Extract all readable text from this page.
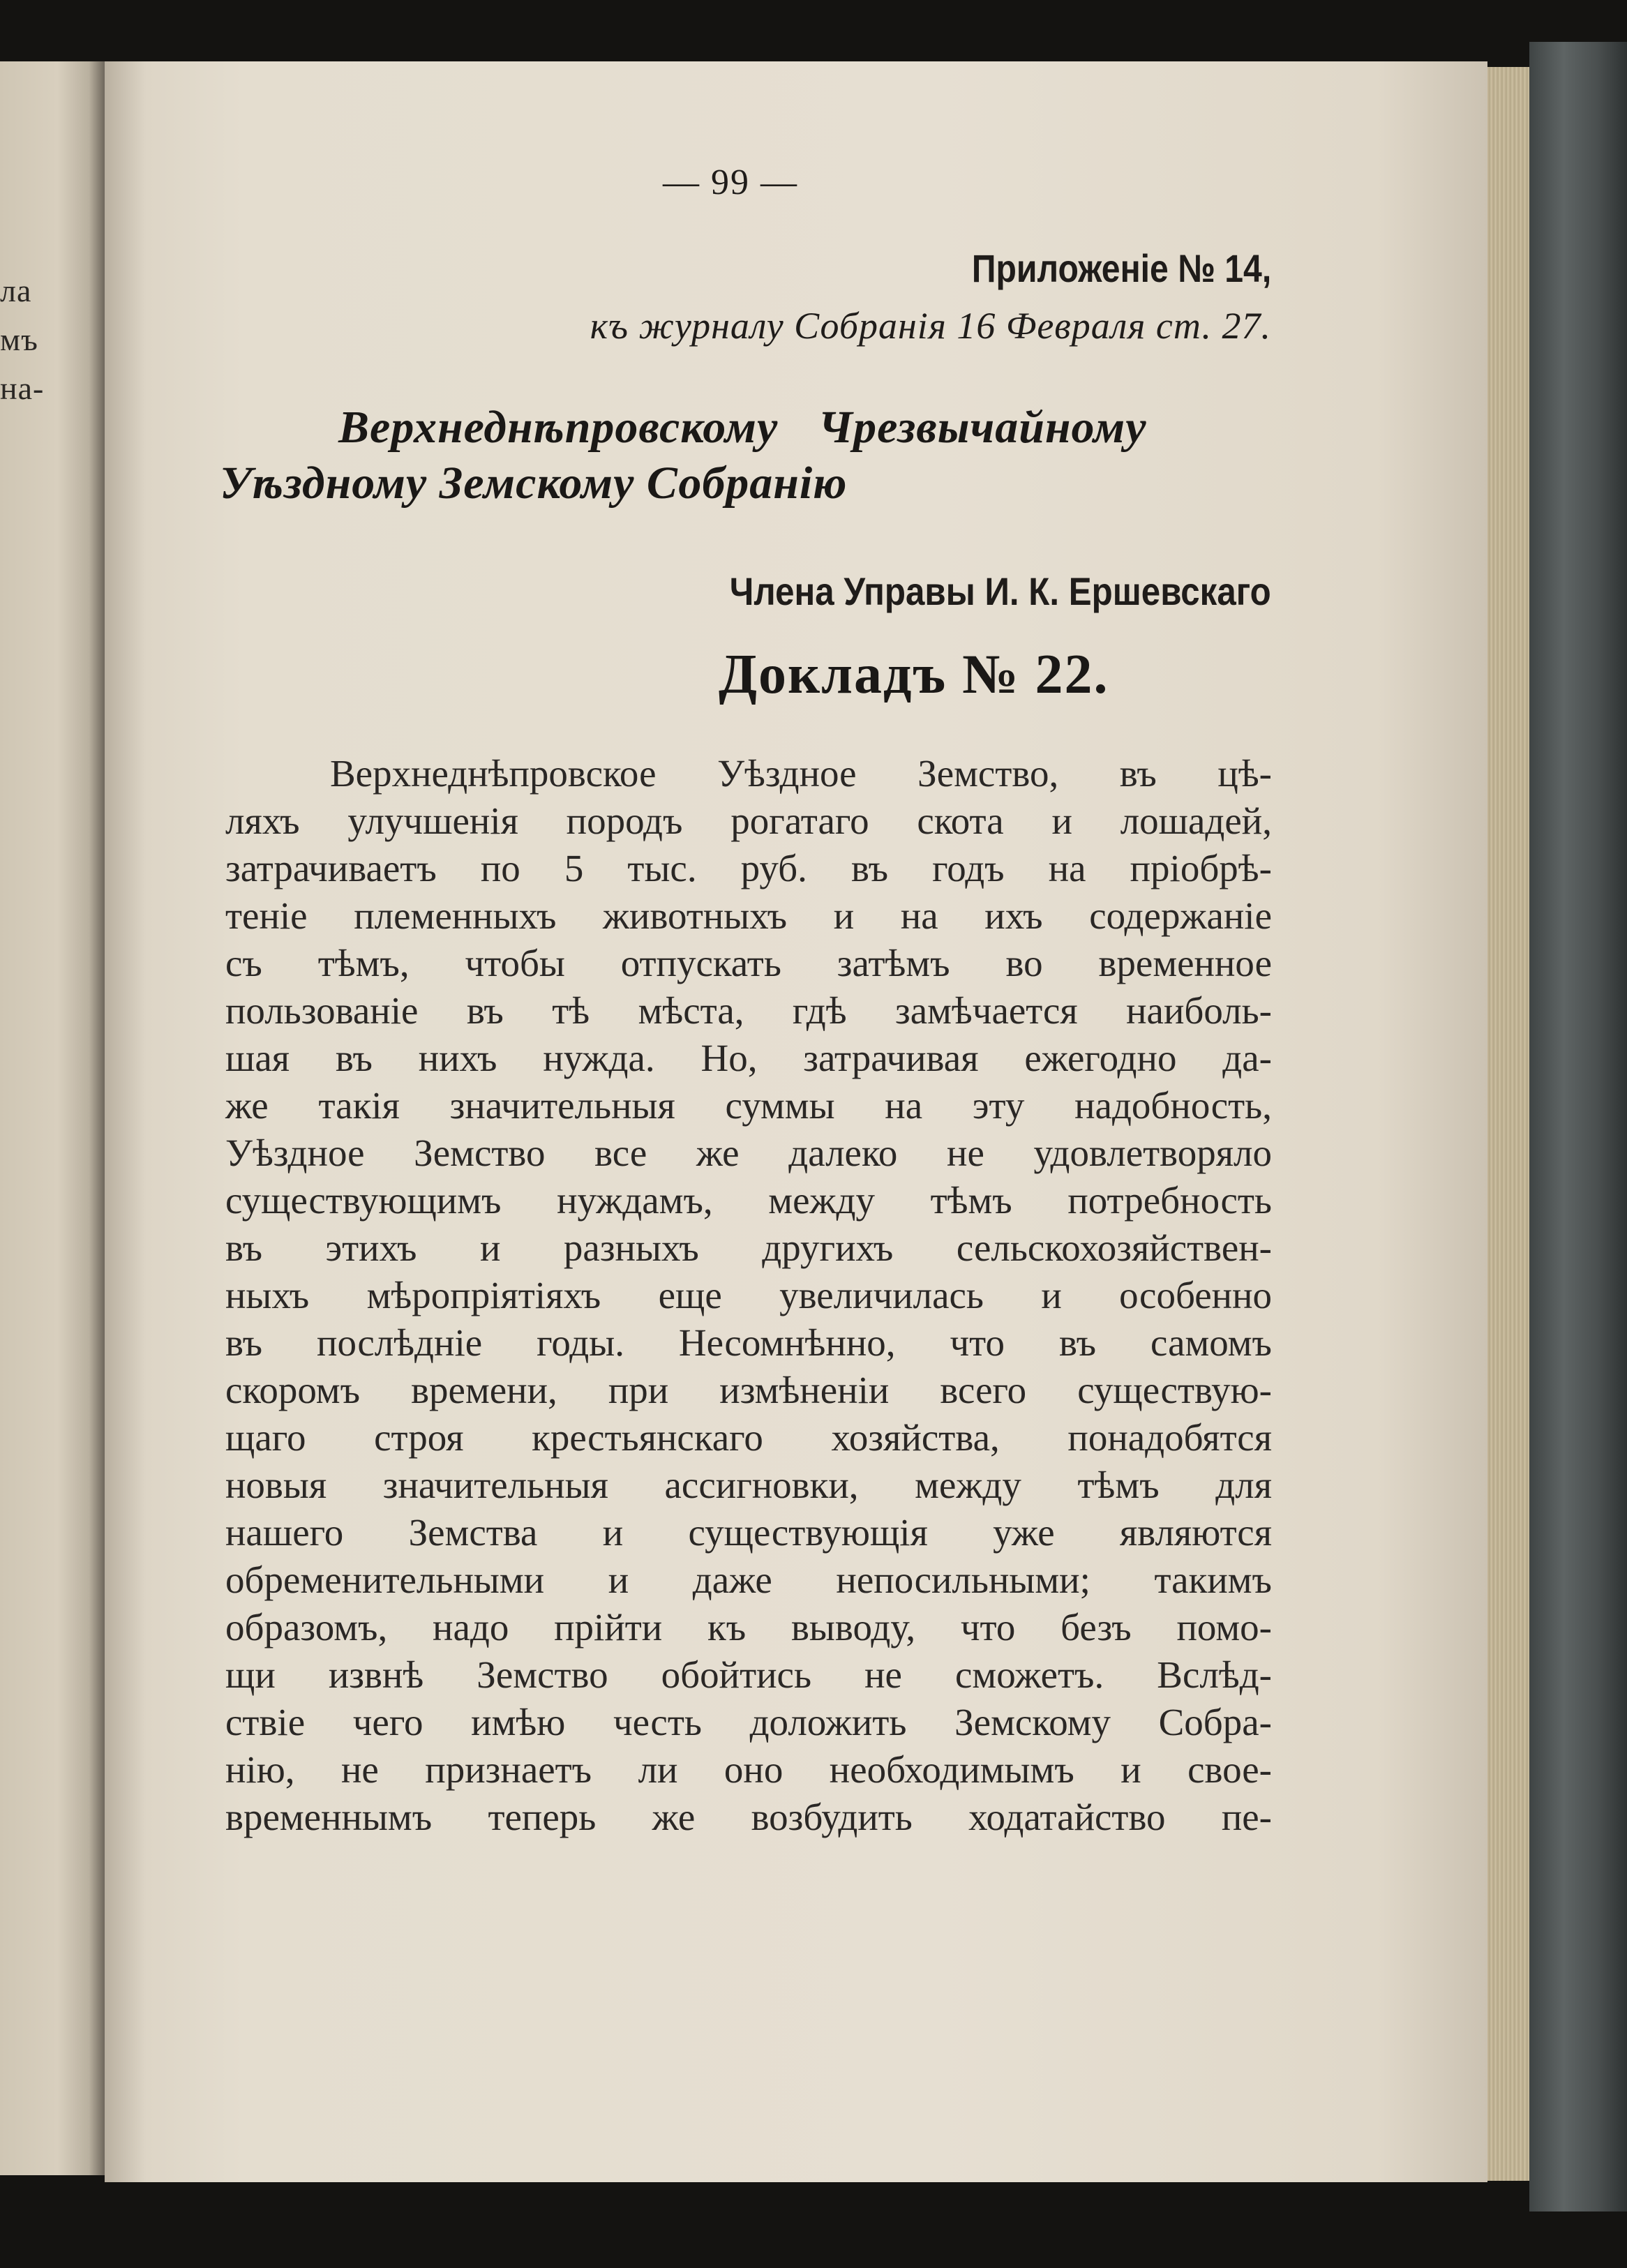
ла
мъ
на-
— 99 —
Приложеніе № 14,
къ журналу Собранія 16 Февраля ст. 27.
Верхнеднѣпровскому Чрезвычайному
Уѣздному Земскому Собранію
Члена Управы И. К. Ершевскаго
Докладъ № 22.
Верхнеднѣпровское Уѣздное Земство, въ цѣ-
ляхъ улучшенія породъ рогатаго скота и лошадей,
затрачиваетъ по 5 тыс. руб. въ годъ на пріобрѣ-
теніе племенныхъ животныхъ и на ихъ содержаніе
съ тѣмъ, чтобы отпускать затѣмъ во временное
пользованіе въ тѣ мѣста, гдѣ замѣчается наиболь-
шая въ нихъ нужда. Но, затрачивая ежегодно да-
же такія значительныя суммы на эту надобность,
Уѣздное Земство все же далеко не удовлетворяло
существующимъ нуждамъ, между тѣмъ потребность
въ этихъ и разныхъ другихъ сельскохозяйствен-
ныхъ мѣропріятіяхъ еще увеличилась и особенно
въ послѣдніе годы. Несомнѣнно, что въ самомъ
скоромъ времени, при измѣненіи всего существую-
щаго строя крестьянскаго хозяйства, понадобятся
новыя значительныя ассигновки, между тѣмъ для
нашего Земства и существующія уже являются
обременительными и даже непосильными; такимъ
образомъ, надо прійти къ выводу, что безъ помо-
щи извнѣ Земство обойтись не сможетъ. Вслѣд-
ствіе чего имѣю честь доложить Земскому Собра-
нію, не признаетъ ли оно необходимымъ и свое-
временнымъ теперь же возбудить ходатайство пе-
